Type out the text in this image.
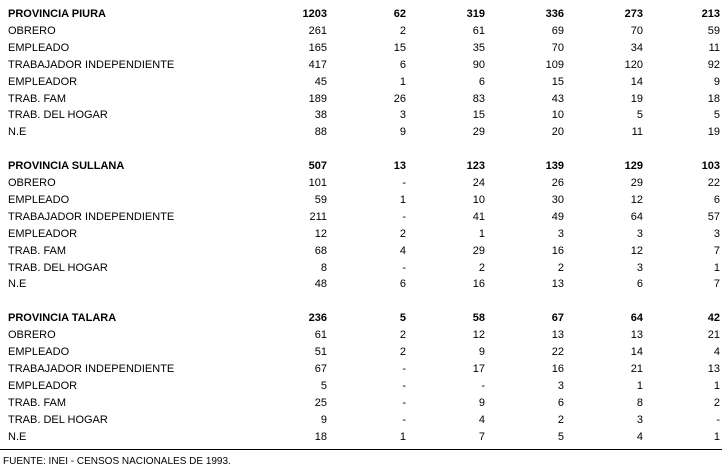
PROVINCIA PIURA	1203	62	319	336	273	213
OBRERO	261	2	61	69	70	59
EMPLEADO	165	15	35	70	34	11
TRABAJADOR INDEPENDIENTE	417	6	90	109	120	92
EMPLEADOR	45	1	6	15	14	9
TRAB. FAM	189	26	83	43	19	18
TRAB. DEL HOGAR	38	3	15	10	5	5
N.E	88	9	29	20	11	19

PROVINCIA SULLANA	507	13	123	139	129	103
OBRERO	101	-	24	26	29	22
EMPLEADO	59	1	10	30	12	6
TRABAJADOR INDEPENDIENTE	211	-	41	49	64	57
EMPLEADOR	12	2	1	3	3	3
TRAB. FAM	68	4	29	16	12	7
TRAB. DEL HOGAR	8	-	2	2	3	1
N.E	48	6	16	13	6	7

PROVINCIA TALARA	236	5	58	67	64	42
OBRERO	61	2	12	13	13	21
EMPLEADO	51	2	9	22	14	4
TRABAJADOR INDEPENDIENTE	67	-	17	16	21	13
EMPLEADOR	5	-	-	3	1	1
TRAB. FAM	25	-	9	6	8	2
TRAB. DEL HOGAR	9	-	4	2	3	-
N.E	18	1	7	5	4	1
FUENTE: INEI - CENSOS NACIONALES DE 1993.
